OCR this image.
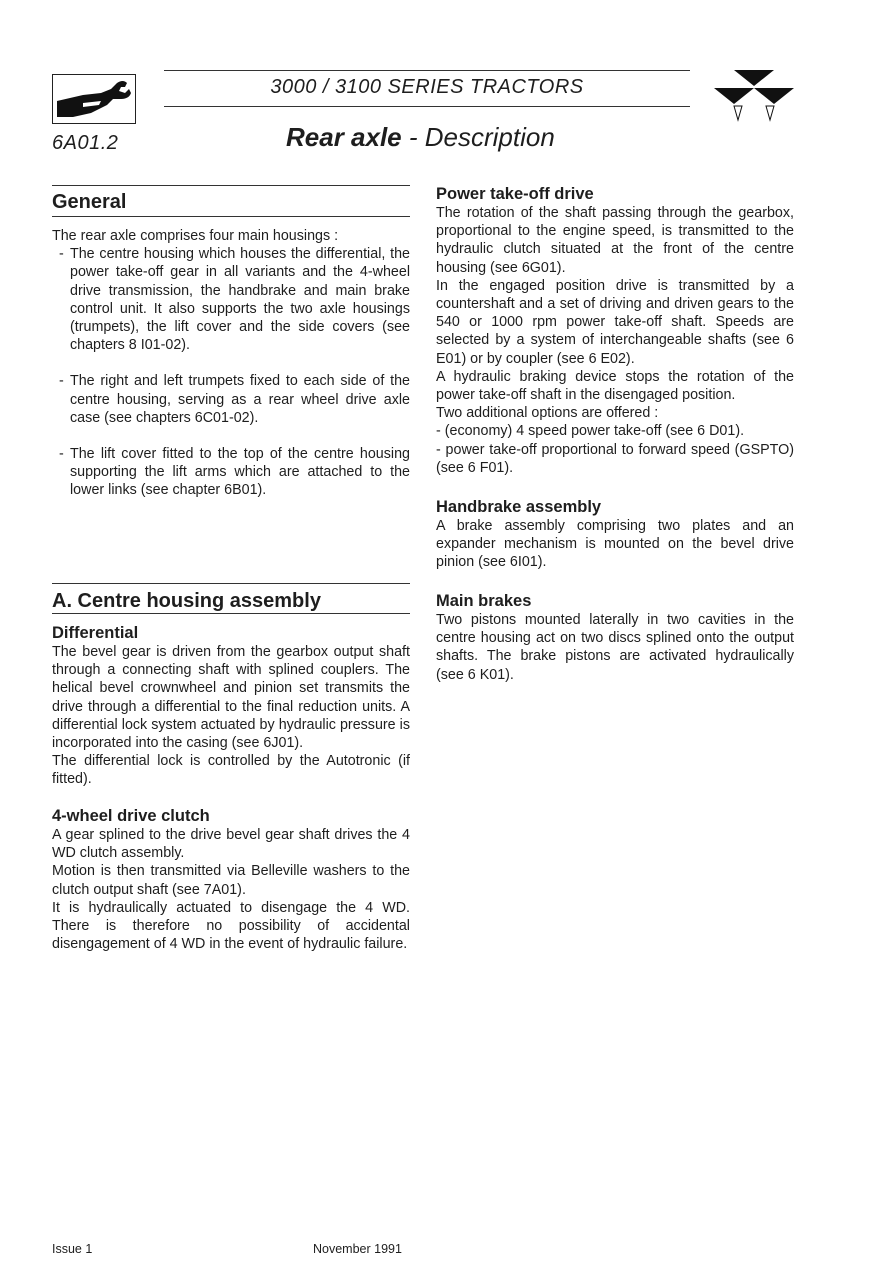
6A01.2
3000 / 3100 SERIES TRACTORS
Rear axle - Description
General

The rear axle comprises four main housings :

- The centre housing which houses the differential, the power take-off gear in all variants and the 4-wheel drive transmission, the handbrake and main brake control unit. It also supports the two axle housings (trumpets), the lift cover and the side covers (see chapters 8 I01-02).
- The right and left trumpets fixed to each side of the centre housing, serving as a rear wheel drive axle case (see chapters 6C01-02).
- The lift cover fitted to the top of the centre housing supporting the lift arms which are attached to the lower links (see chapter 6B01).
A. Centre housing assembly
Differential

The bevel gear is driven from the gearbox output shaft through a connecting shaft with splined couplers. The helical bevel crownwheel and pinion set transmits the drive through a differential to the final reduction units. A differential lock system actuated by hydraulic pressure is incorporated into the casing (see 6J01).

The differential lock is controlled by the Autotronic (if fitted).

4-wheel drive clutch

A gear splined to the drive bevel gear shaft drives the 4 WD clutch assembly.

Motion is then transmitted via Belleville washers to the clutch output shaft (see 7A01).

It is hydraulically actuated to disengage the 4 WD. There is therefore no possibility of accidental disengagement of 4 WD in the event of hydraulic failure.

Power take-off drive

The rotation of the shaft passing through the gearbox, proportional to the engine speed, is transmitted to the hydraulic clutch situated at the front of the centre housing (see 6G01).

In the engaged position drive is transmitted by a countershaft and a set of driving and driven gears to the 540 or 1000 rpm power take-off shaft. Speeds are selected by a system of interchangeable shafts (see 6 E01) or by coupler (see 6 E02).

A hydraulic braking device stops the rotation of the power take-off shaft in the disengaged position.

Two additional options are offered :

- (economy) 4 speed power take-off (see 6 D01).

- power take-off proportional to forward speed (GSPTO) (see 6 F01).

Handbrake assembly

A brake assembly comprising two plates and an expander mechanism is mounted on the bevel drive pinion (see 6I01).

Main brakes

Two pistons mounted laterally in two cavities in the centre housing act on two discs splined onto the output shafts. The brake pistons are activated hydraulically (see 6 K01).

Issue 1	November 1991
